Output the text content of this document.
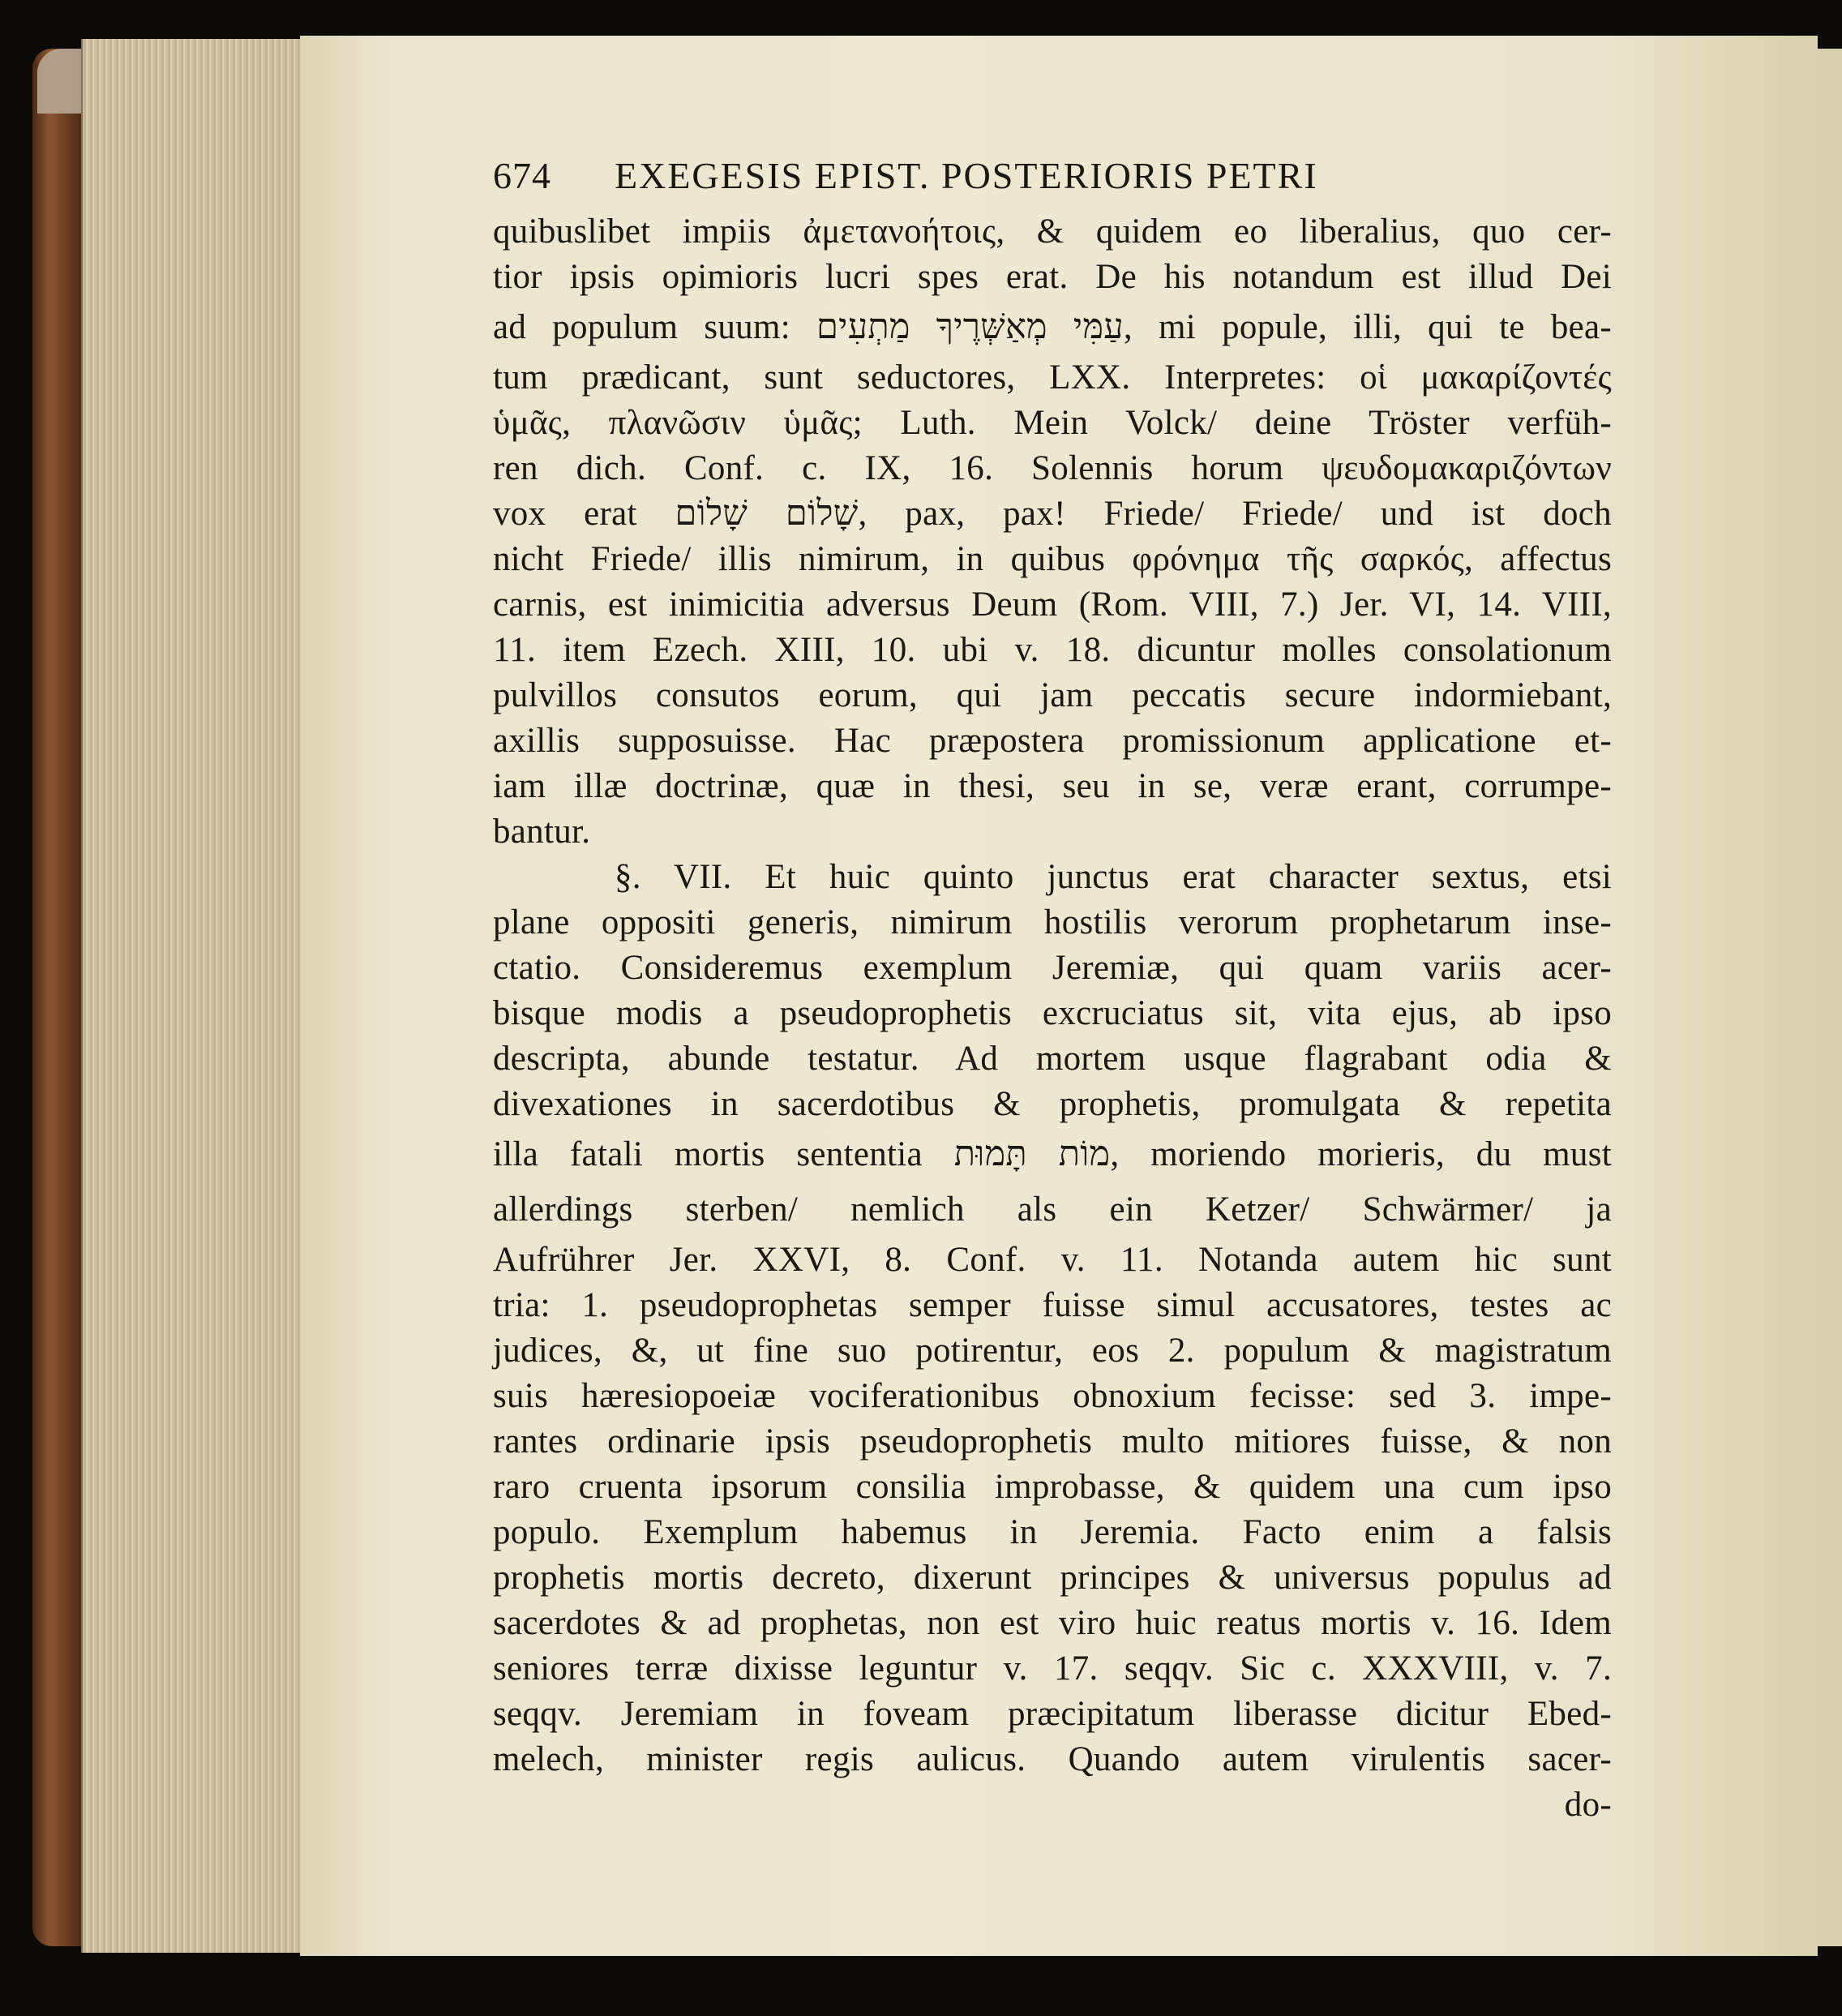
674	EXEGESIS EPIST. POSTERIORIS PETRI
quibuslibet impiis ἀμετανοήτοις, & quidem eo liberalius, quo cer-
tior ipsis opimioris lucri spes erat. De his notandum est illud Dei
ad populum suum: עַמִּי מְאַשְּׁרֶיךָ מַתְעִים, mi popule, illi, qui te bea-
tum prædicant, sunt seductores, LXX. Interpretes: οἱ μακαρίζοντές
ὑμᾶς, πλανῶσιν ὑμᾶς; Luth. Mein Volck/ deine Tröster verfüh-
ren dich. Conf. c. IX, 16. Solennis horum ψευδομακαριζόντων
vox erat שָׁלוֹם שָׁלוֹם, pax, pax! Friede/ Friede/ und ist doch
nicht Friede/ illis nimirum, in quibus φρόνημα τῆς σαρκός, affectus
carnis, est inimicitia adversus Deum (Rom. VIII, 7.) Jer. VI, 14. VIII,
11. item Ezech. XIII, 10. ubi v. 18. dicuntur molles consolationum
pulvillos consutos eorum, qui jam peccatis secure indormiebant,
axillis supposuisse. Hac præpostera promissionum applicatione et-
iam illæ doctrinæ, quæ in thesi, seu in se, veræ erant, corrumpe-
bantur.
§. VII. Et huic quinto junctus erat character sextus, etsi
plane oppositi generis, nimirum hostilis verorum prophetarum inse-
ctatio. Consideremus exemplum Jeremiæ, qui quam variis acer-
bisque modis a pseudoprophetis excruciatus sit, vita ejus, ab ipso
descripta, abunde testatur. Ad mortem usque flagrabant odia &
divexationes in sacerdotibus & prophetis, promulgata & repetita
illa fatali mortis sententia מוֹת תָּמוּת, moriendo morieris, du must
allerdings sterben/ nemlich als ein Ketzer/ Schwärmer/ ja
Aufrührer Jer. XXVI, 8. Conf. v. 11. Notanda autem hic sunt
tria: 1. pseudoprophetas semper fuisse simul accusatores, testes ac
judices, &, ut fine suo potirentur, eos 2. populum & magistratum
suis hæresiopoeiæ vociferationibus obnoxium fecisse: sed 3. impe-
rantes ordinarie ipsis pseudoprophetis multo mitiores fuisse, & non
raro cruenta ipsorum consilia improbasse, & quidem una cum ipso
populo. Exemplum habemus in Jeremia. Facto enim a falsis
prophetis mortis decreto, dixerunt principes & universus populus ad
sacerdotes & ad prophetas, non est viro huic reatus mortis v. 16. Idem
seniores terræ dixisse leguntur v. 17. seqqv. Sic c. XXXVIII, v. 7.
seqqv. Jeremiam in foveam præcipitatum liberasse dicitur Ebed-
melech, minister regis aulicus. Quando autem virulentis sacer-
do-
